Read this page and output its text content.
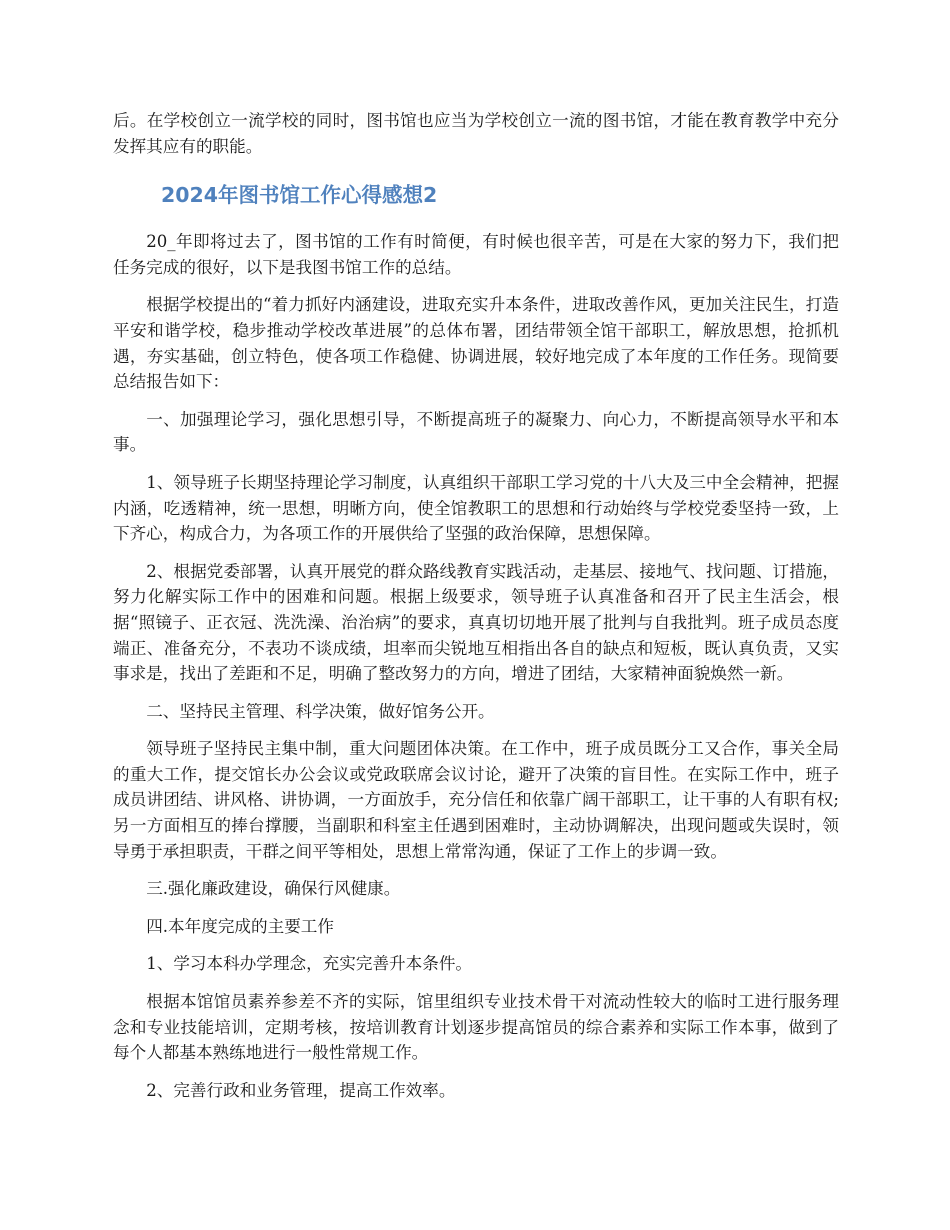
后。在学校创立一流学校的同时，图书馆也应当为学校创立一流的图书馆，才能在教育教学中充分发挥其应有的职能。

2024年图书馆工作心得感想2

20_年即将过去了，图书馆的工作有时简便，有时候也很辛苦，可是在大家的努力下，我们把任务完成的很好，以下是我图书馆工作的总结。

根据学校提出的“着力抓好内涵建设，进取充实升本条件，进取改善作风，更加关注民生，打造平安和谐学校，稳步推动学校改革进展”的总体布署，团结带领全馆干部职工，解放思想，抢抓机遇，夯实基础，创立特色，使各项工作稳健、协调进展，较好地完成了本年度的工作任务。现简要总结报告如下：

一、加强理论学习，强化思想引导，不断提高班子的凝聚力、向心力，不断提高领导水平和本事。

1、领导班子长期坚持理论学习制度，认真组织干部职工学习党的十八大及三中全会精神，把握内涵，吃透精神，统一思想，明晰方向，使全馆教职工的思想和行动始终与学校党委坚持一致，上下齐心，构成合力，为各项工作的开展供给了坚强的政治保障，思想保障。

2、根据党委部署，认真开展党的群众路线教育实践活动，走基层、接地气、找问题、订措施，努力化解实际工作中的困难和问题。根据上级要求，领导班子认真准备和召开了民主生活会，根据“照镜子、正衣冠、洗洗澡、治治病”的要求，真真切切地开展了批判与自我批判。班子成员态度端正、准备充分，不表功不谈成绩，坦率而尖锐地互相指出各自的缺点和短板，既认真负责，又实事求是，找出了差距和不足，明确了整改努力的方向，增进了团结，大家精神面貌焕然一新。

二、坚持民主管理、科学决策，做好馆务公开。

领导班子坚持民主集中制，重大问题团体决策。在工作中，班子成员既分工又合作，事关全局的重大工作，提交馆长办公会议或党政联席会议讨论，避开了决策的盲目性。在实际工作中，班子成员讲团结、讲风格、讲协调，一方面放手，充分信任和依靠广阔干部职工，让干事的人有职有权;另一方面相互的捧台撑腰，当副职和科室主任遇到困难时，主动协调解决，出现问题或失误时，领导勇于承担职责，干群之间平等相处，思想上常常沟通，保证了工作上的步调一致。

三.强化廉政建设，确保行风健康。

四.本年度完成的主要工作

1、学习本科办学理念，充实完善升本条件。

根据本馆馆员素养参差不齐的实际，馆里组织专业技术骨干对流动性较大的临时工进行服务理念和专业技能培训，定期考核，按培训教育计划逐步提高馆员的综合素养和实际工作本事，做到了每个人都基本熟练地进行一般性常规工作。

2、完善行政和业务管理，提高工作效率。
